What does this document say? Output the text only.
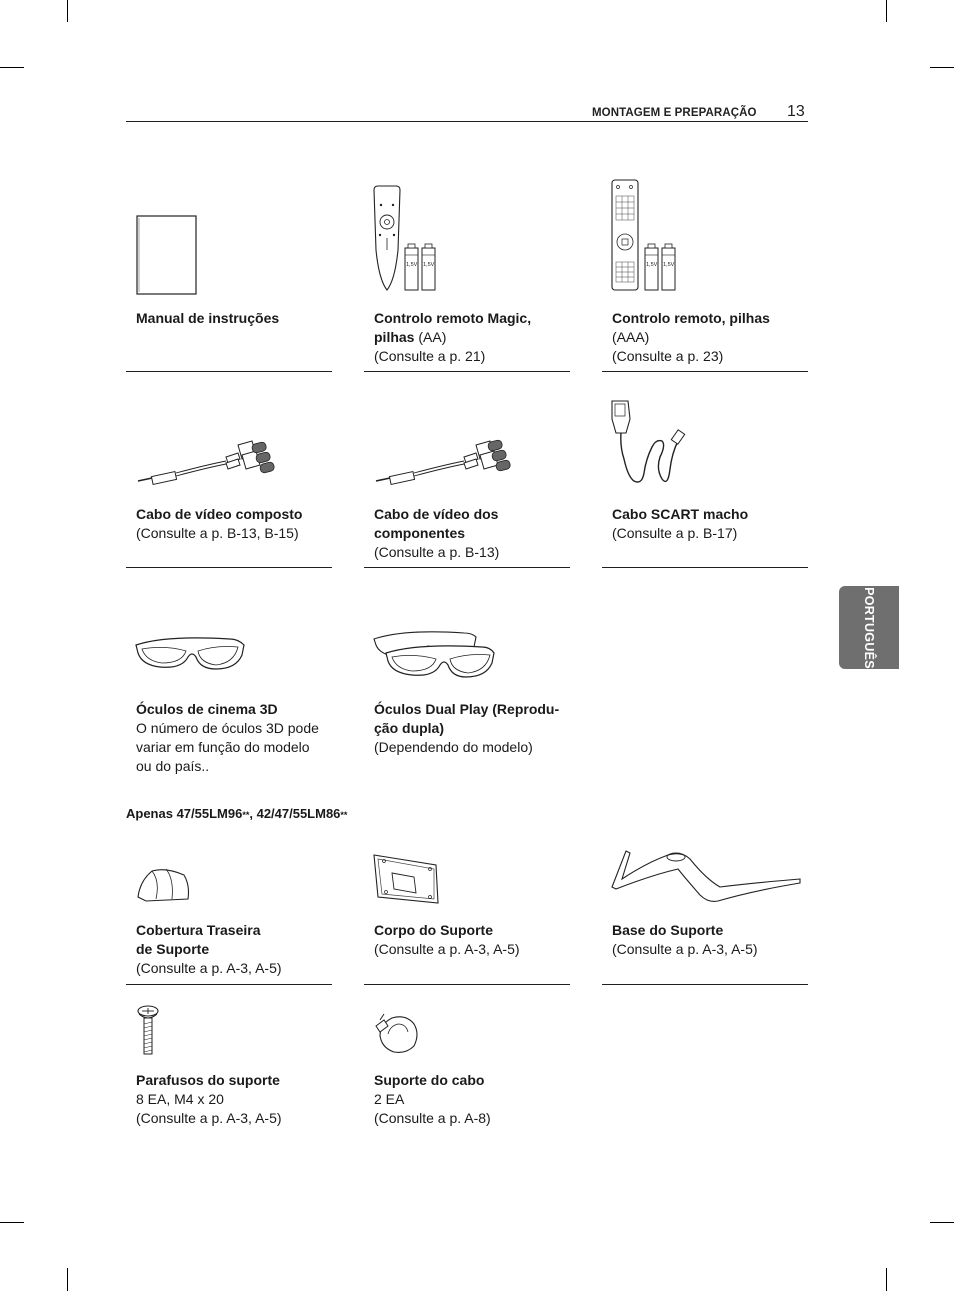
MONTAGEM E PREPARAÇÃO 13
PORTUGUÊS
Manual de instruções
1,5V 1,5V
Controlo remoto Magic,
pilhas (AA)
(Consulte a p. 21)
1,5V 1,5V
Controlo remoto, pilhas
(AAA)
(Consulte a p. 23)
Cabo de vídeo composto
(Consulte a p. B-13, B-15)
Cabo de vídeo dos
componentes
(Consulte a p. B-13)
Cabo SCART macho
(Consulte a p. B-17)
Óculos de cinema 3D
O número de óculos 3D pode
variar em função do modelo
ou do país..
Óculos Dual Play (Reprodu-
ção dupla)
(Dependendo do modelo)
Apenas 47/55LM96**, 42/47/55LM86**
Cobertura Traseira
de Suporte
(Consulte a p. A-3, A-5)
Corpo do Suporte
(Consulte a p. A-3, A-5)
Base do Suporte
(Consulte a p. A-3, A-5)
Parafusos do suporte
8 EA, M4 x 20
(Consulte a p. A-3, A-5)
Suporte do cabo
2 EA
(Consulte a p. A-8)
